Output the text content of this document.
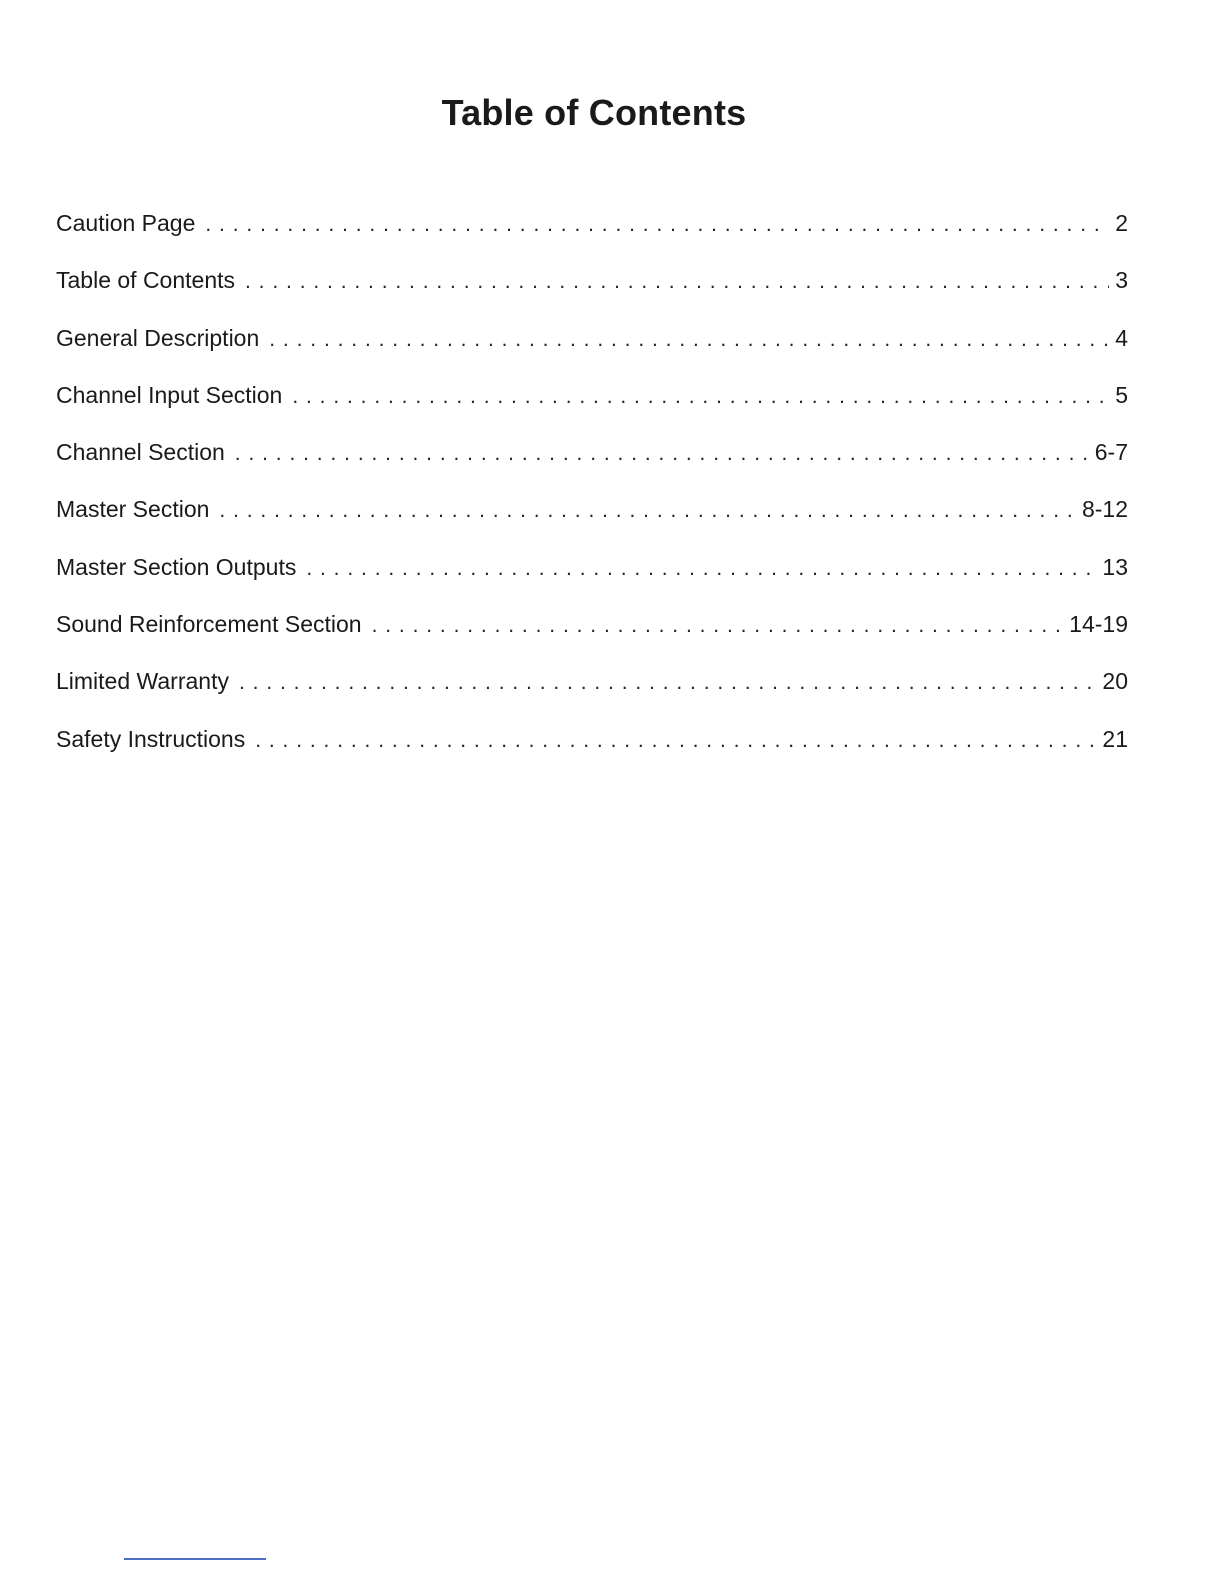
Table of Contents
Caution Page . . .	2
Table of Contents . . .	3
General Description . . .	4
Channel Input Section . . .	5
Channel Section . . .	6-7
Master Section . . .	8-12
Master Section Outputs . . .	13
Sound Reinforcement Section . . .	14-19
Limited Warranty . . .	20
Safety Instructions . . .	21
